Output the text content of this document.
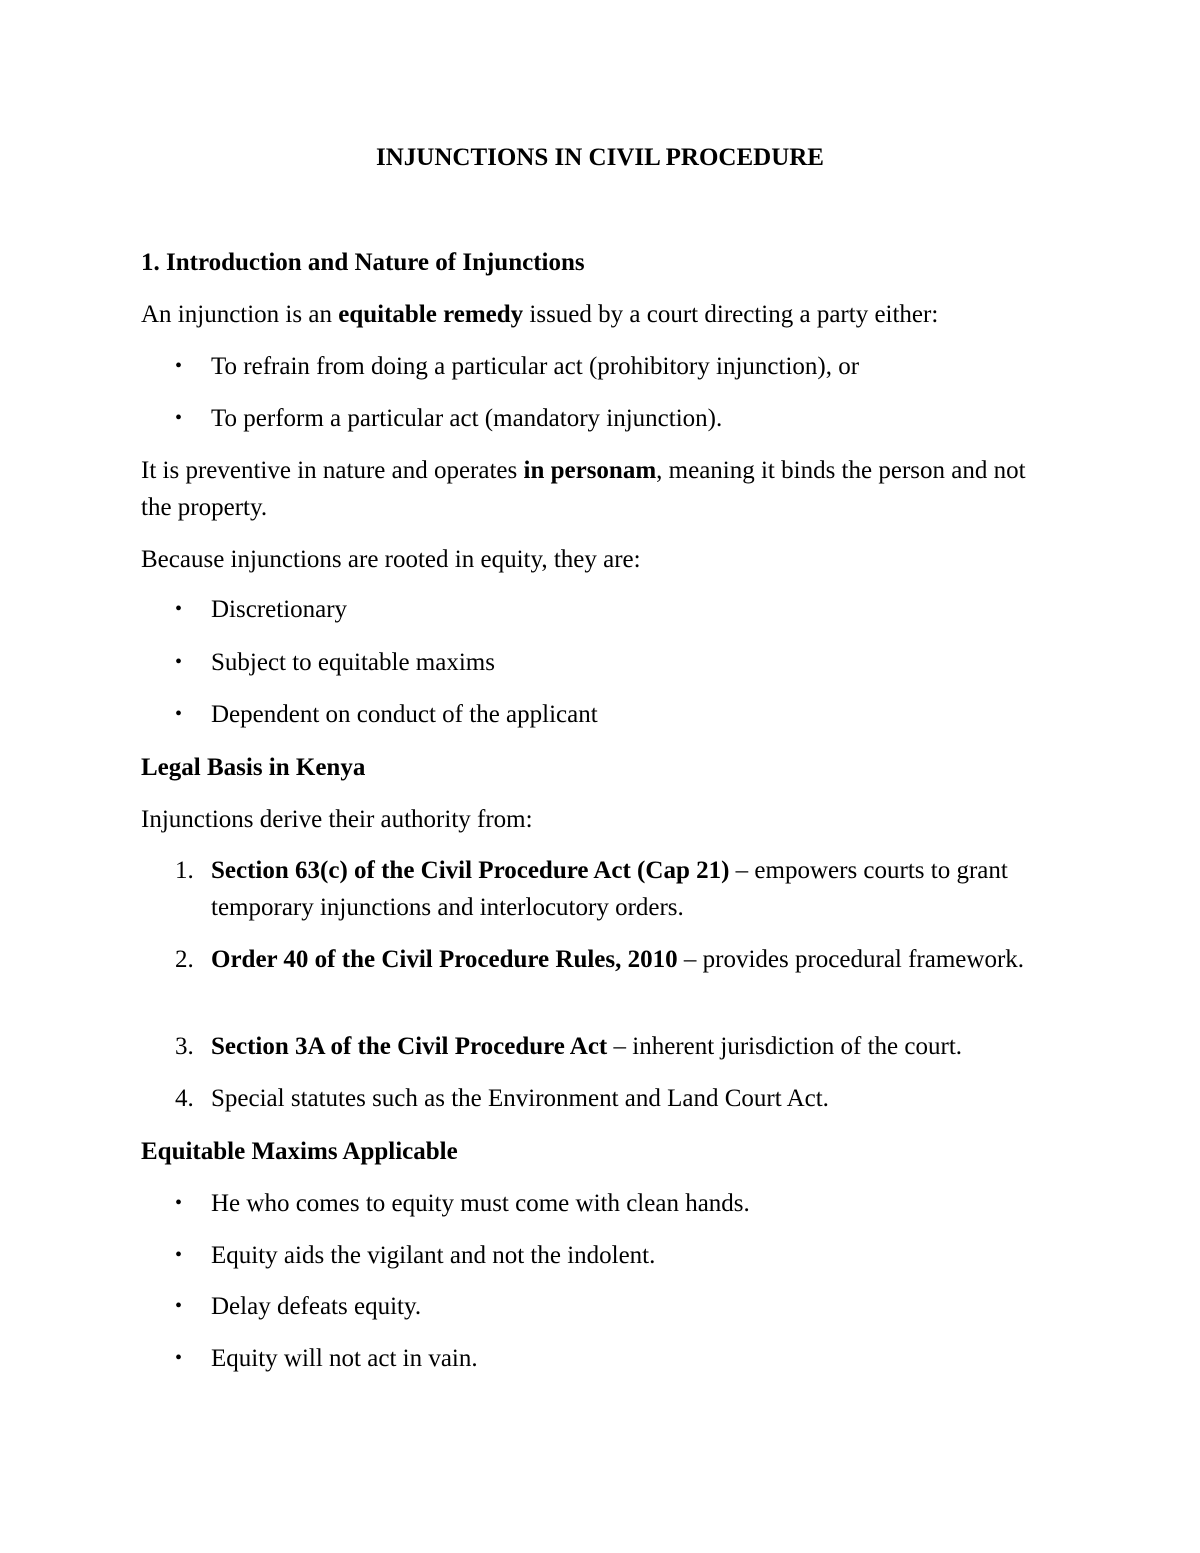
INJUNCTIONS IN CIVIL PROCEDURE
1. Introduction and Nature of Injunctions
An injunction is an equitable remedy issued by a court directing a party either:
• To refrain from doing a particular act (prohibitory injunction), or
• To perform a particular act (mandatory injunction).
It is preventive in nature and operates in personam, meaning it binds the person and not the property.
Because injunctions are rooted in equity, they are:
• Discretionary
• Subject to equitable maxims
• Dependent on conduct of the applicant
Legal Basis in Kenya
Injunctions derive their authority from:
1. Section 63(c) of the Civil Procedure Act (Cap 21) – empowers courts to grant temporary injunctions and interlocutory orders.
2. Order 40 of the Civil Procedure Rules, 2010 – provides procedural framework.
3. Section 3A of the Civil Procedure Act – inherent jurisdiction of the court.
4. Special statutes such as the Environment and Land Court Act.
Equitable Maxims Applicable
• He who comes to equity must come with clean hands.
• Equity aids the vigilant and not the indolent.
• Delay defeats equity.
• Equity will not act in vain.
